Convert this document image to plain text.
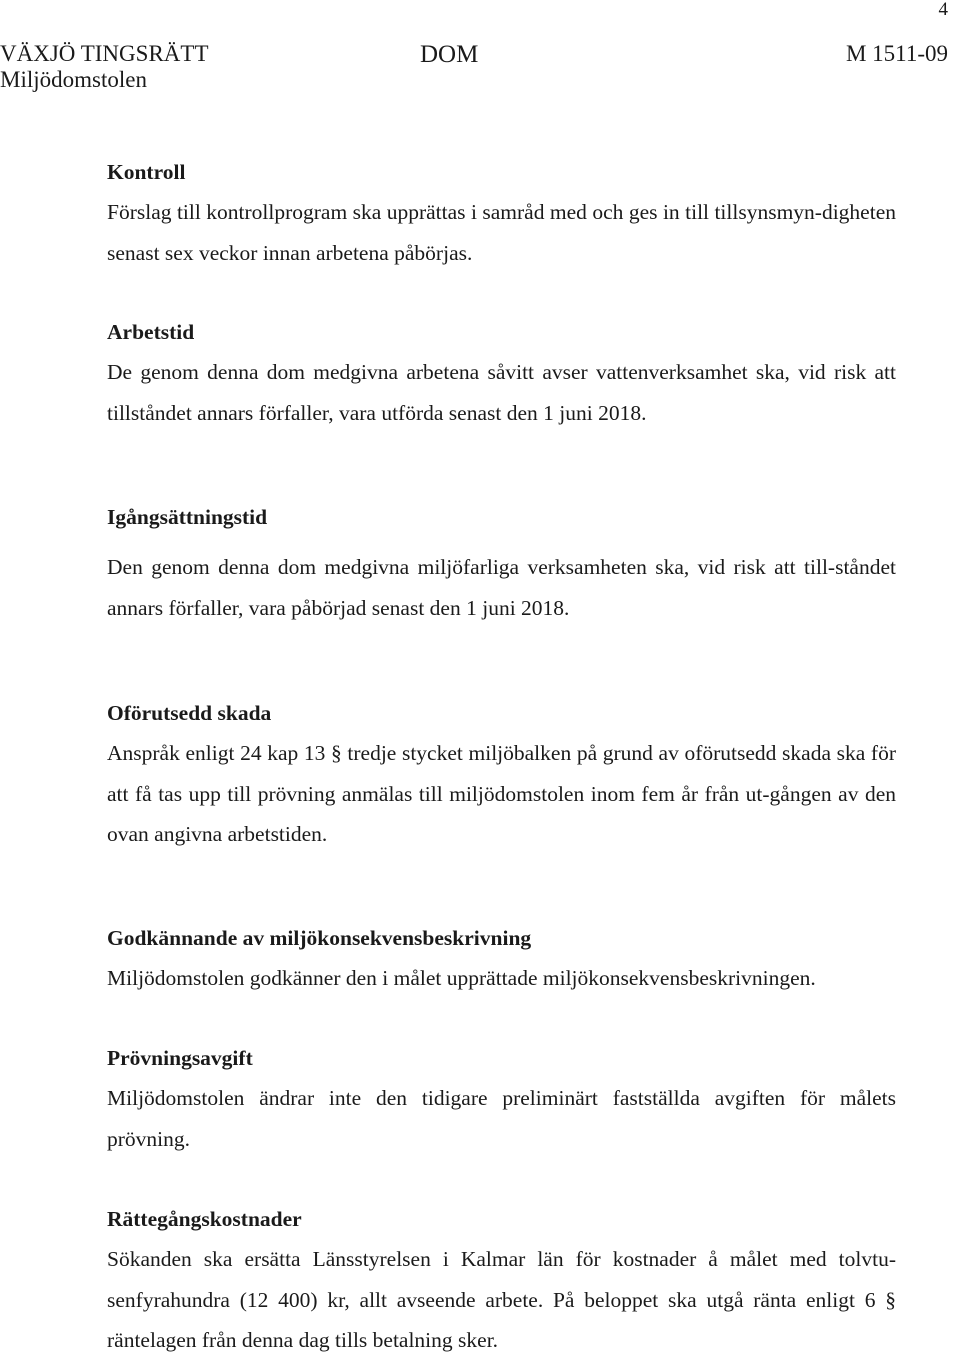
4
VÄXJÖ TINGSRÄTT
Miljödomstolen
DOM	M 1511-09
Kontroll

Förslag till kontrollprogram ska upprättas i samråd med och ges in till tillsynsmyn-digheten senast sex veckor innan arbetena påbörjas.

Arbetstid

De genom denna dom medgivna arbetena såvitt avser vattenverksamhet ska, vid risk att tillståndet annars förfaller, vara utförda senast den 1 juni 2018.

Igångsättningstid

Den genom denna dom medgivna miljöfarliga verksamheten ska, vid risk att till-ståndet annars förfaller, vara påbörjad senast den 1 juni 2018.

Oförutsedd skada

Anspråk enligt 24 kap 13 § tredje stycket miljöbalken på grund av oförutsedd skada ska för att få tas upp till prövning anmälas till miljödomstolen inom fem år från ut-gången av den ovan angivna arbetstiden.

Godkännande av miljökonsekvensbeskrivning

Miljödomstolen godkänner den i målet upprättade miljökonsekvensbeskrivningen.

Prövningsavgift

Miljödomstolen ändrar inte den tidigare preliminärt fastställda avgiften för målets prövning.

Rättegångskostnader

Sökanden ska ersätta Länsstyrelsen i Kalmar län för kostnader å målet med tolvtu-senfyrahundra (12 400) kr, allt avseende arbete. På beloppet ska utgå ränta enligt 6 § räntelagen från denna dag tills betalning sker.
